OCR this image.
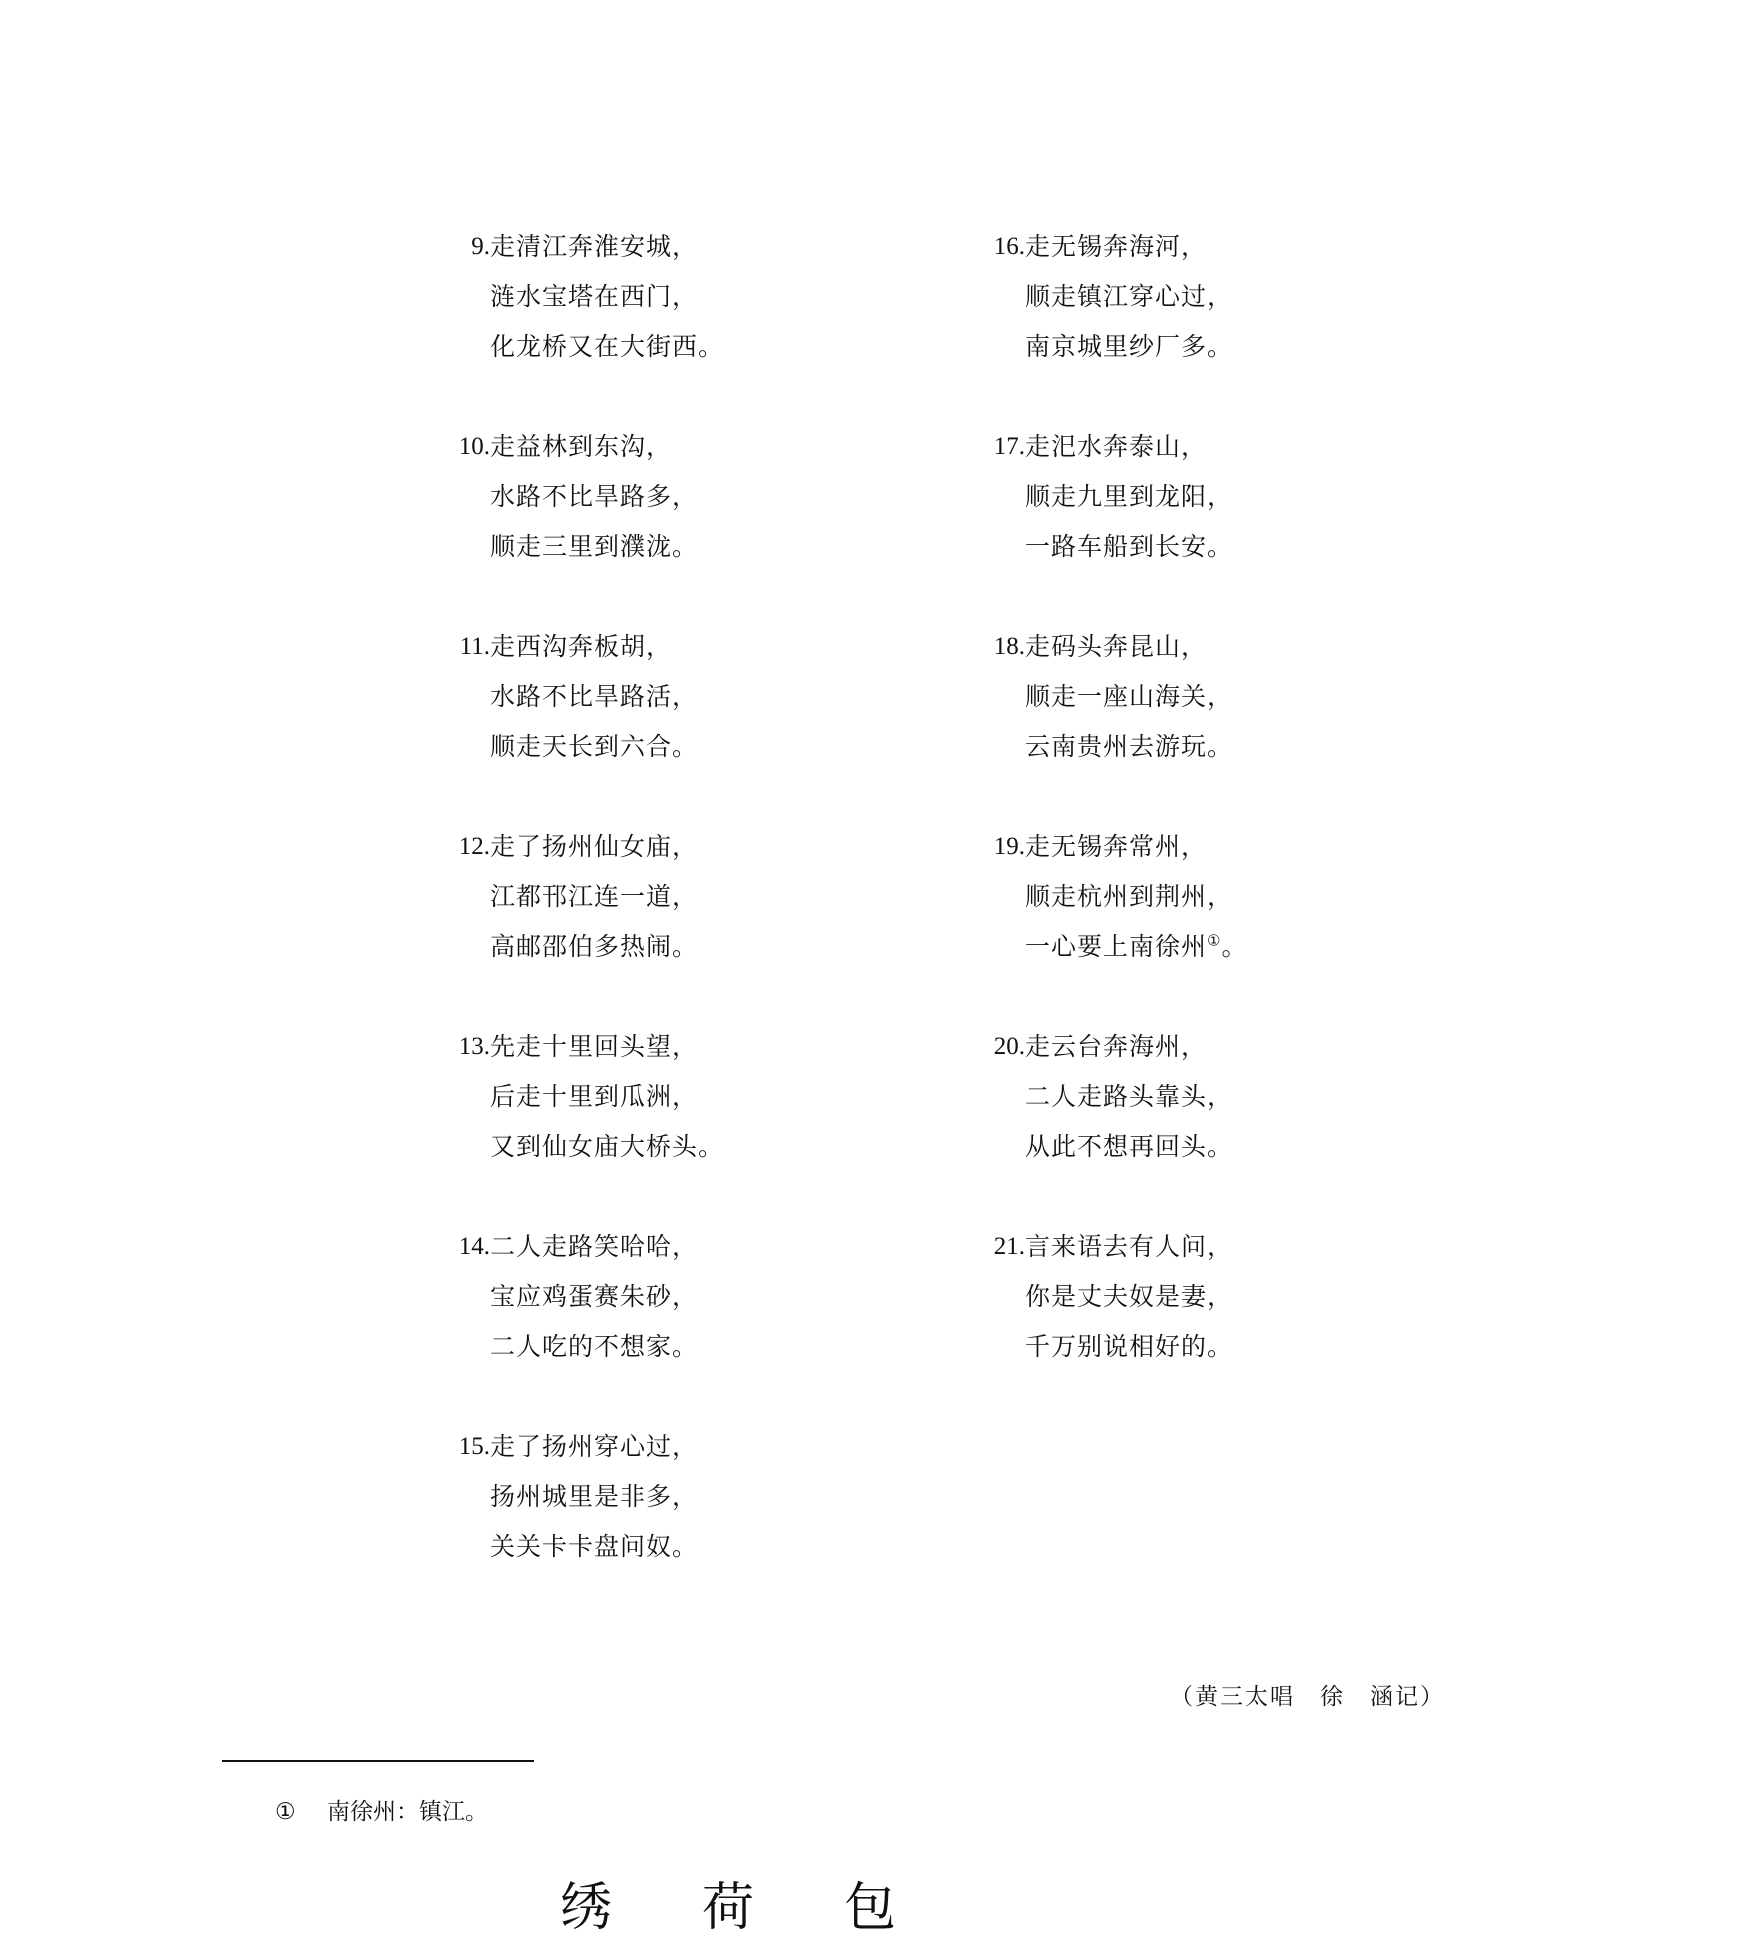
9. 走清江奔淮安城，
涟水宝塔在西门，
化龙桥又在大街西。
10. 走益林到东沟，
水路不比旱路多，
顺走三里到濮泷。
11. 走西沟奔板胡，
水路不比旱路活，
顺走天长到六合。
12. 走了扬州仙女庙，
江都邗江连一道，
高邮邵伯多热闹。
13. 先走十里回头望，
后走十里到瓜洲，
又到仙女庙大桥头。
14. 二人走路笑哈哈，
宝应鸡蛋赛朱砂，
二人吃的不想家。
15. 走了扬州穿心过，
扬州城里是非多，
关关卡卡盘问奴。
16. 走无锡奔海河，
顺走镇江穿心过，
南京城里纱厂多。
17. 走汜水奔泰山，
顺走九里到龙阳，
一路车船到长安。
18. 走码头奔昆山，
顺走一座山海关，
云南贵州去游玩。
19. 走无锡奔常州，
顺走杭州到荆州，
一心要上南徐州①。
20. 走云台奔海州，
二人走路头靠头，
从此不想再回头。
21. 言来语去有人问，
你是丈夫奴是妻，
千万别说相好的。
（黄三太唱　徐　涵记）
① 南徐州：镇江。
绣荷包
